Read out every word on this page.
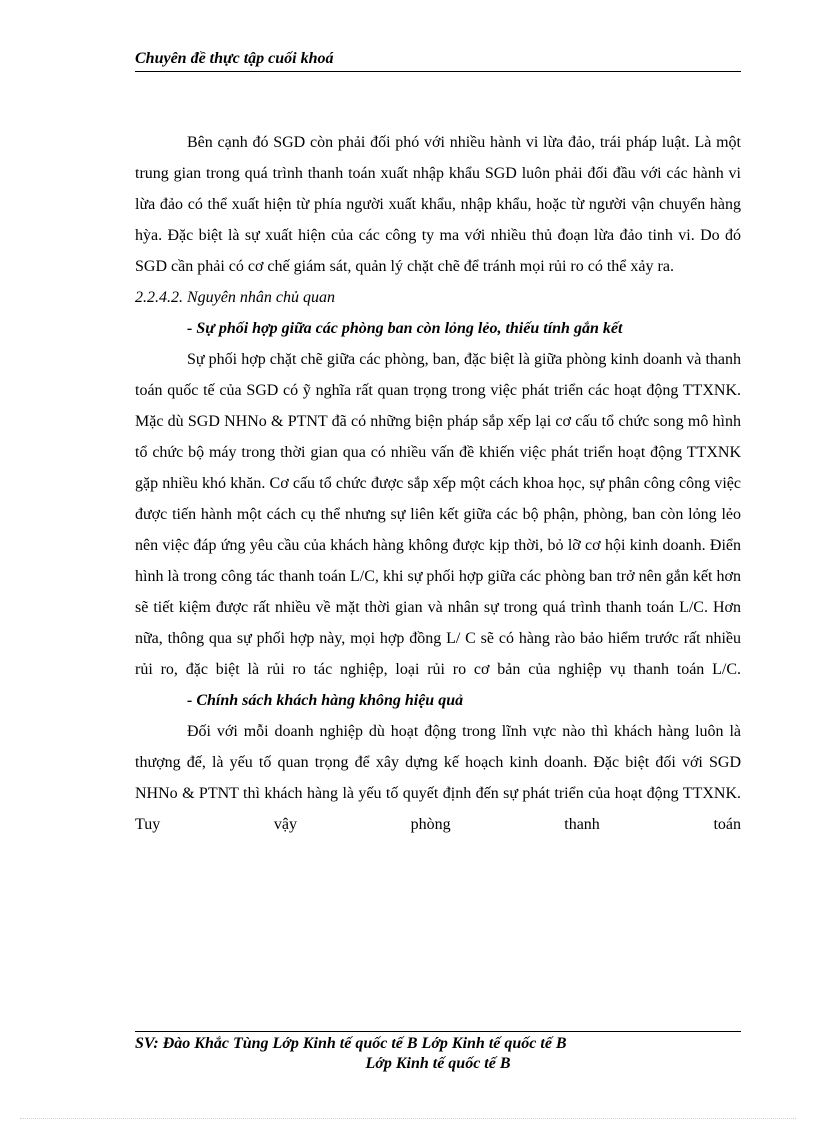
Chuyên đề thực tập cuối khoá

Bên cạnh đó SGD còn phải đối phó với nhiều hành vi lừa đảo, trái pháp luật. Là một trung gian trong quá trình thanh toán xuất nhập khẩu SGD luôn phải đối đầu với các hành vi lừa đảo có thể xuất hiện từ phía người xuất khẩu, nhập khẩu, hoặc từ người vận chuyển hàng hỳa. Đặc biệt là sự xuất hiện của các công ty ma với nhiều thủ đoạn lừa đảo tinh vi. Do đó SGD cần phải có cơ chế giám sát, quản lý chặt chẽ để tránh mọi rủi ro có thể xảy ra.

2.2.4.2. Nguyên nhân chủ quan

- Sự phối hợp giữa các phòng ban còn lỏng lẻo, thiếu tính gắn kết

Sự phối hợp chặt chẽ giữa các phòng, ban, đặc biệt là giữa phòng kinh doanh và thanh toán quốc tế của SGD có ỹ nghĩa rất quan trọng trong việc phát triển các hoạt động TTXNK. Mặc dù SGD NHNo & PTNT đã có những biện pháp sắp xếp lại cơ cấu tổ chức song mô hình tổ chức bộ máy trong thời gian qua có nhiều vấn đề khiến việc phát triển hoạt động TTXNK gặp nhiều khó khăn. Cơ cấu tổ chức được sắp xếp một cách khoa học, sự phân công công việc được tiến hành một cách cụ thể nhưng sự liên kết giữa các bộ phận, phòng, ban còn lỏng lẻo nên việc đáp ứng yêu cầu của khách hàng không được kịp thời, bỏ lỡ cơ hội kinh doanh. Điển hình là trong công tác thanh toán L/C, khi sự phối hợp giữa các phòng ban trở nên gắn kết hơn sẽ tiết kiệm được rất nhiều về mặt thời gian và nhân sự trong quá trình thanh toán L/C. Hơn nữa, thông qua sự phối hợp này, mọi hợp đồng L/ C sẽ có hàng rào bảo hiểm trước rất nhiều rủi ro, đặc biệt là rủi ro tác nghiệp, loại rủi ro cơ bản của nghiệp vụ thanh toán L/C.

- Chính sách khách hàng không hiệu quả

Đối với mỗi doanh nghiệp dù hoạt động trong lĩnh vực nào thì khách hàng luôn là thượng đế, là yếu tố quan trọng để xây dựng kế hoạch kinh doanh. Đặc biệt đối với SGD NHNo & PTNT thì khách hàng là yếu tố quyết định đến sự phát triển của hoạt động TTXNK. Tuy vậy phòng thanh toán

SV: Đào Khắc Tùng Lớp Kinh tế quốc tế B Lớp Kinh tế quốc tế B
Lớp Kinh tế quốc tế B
